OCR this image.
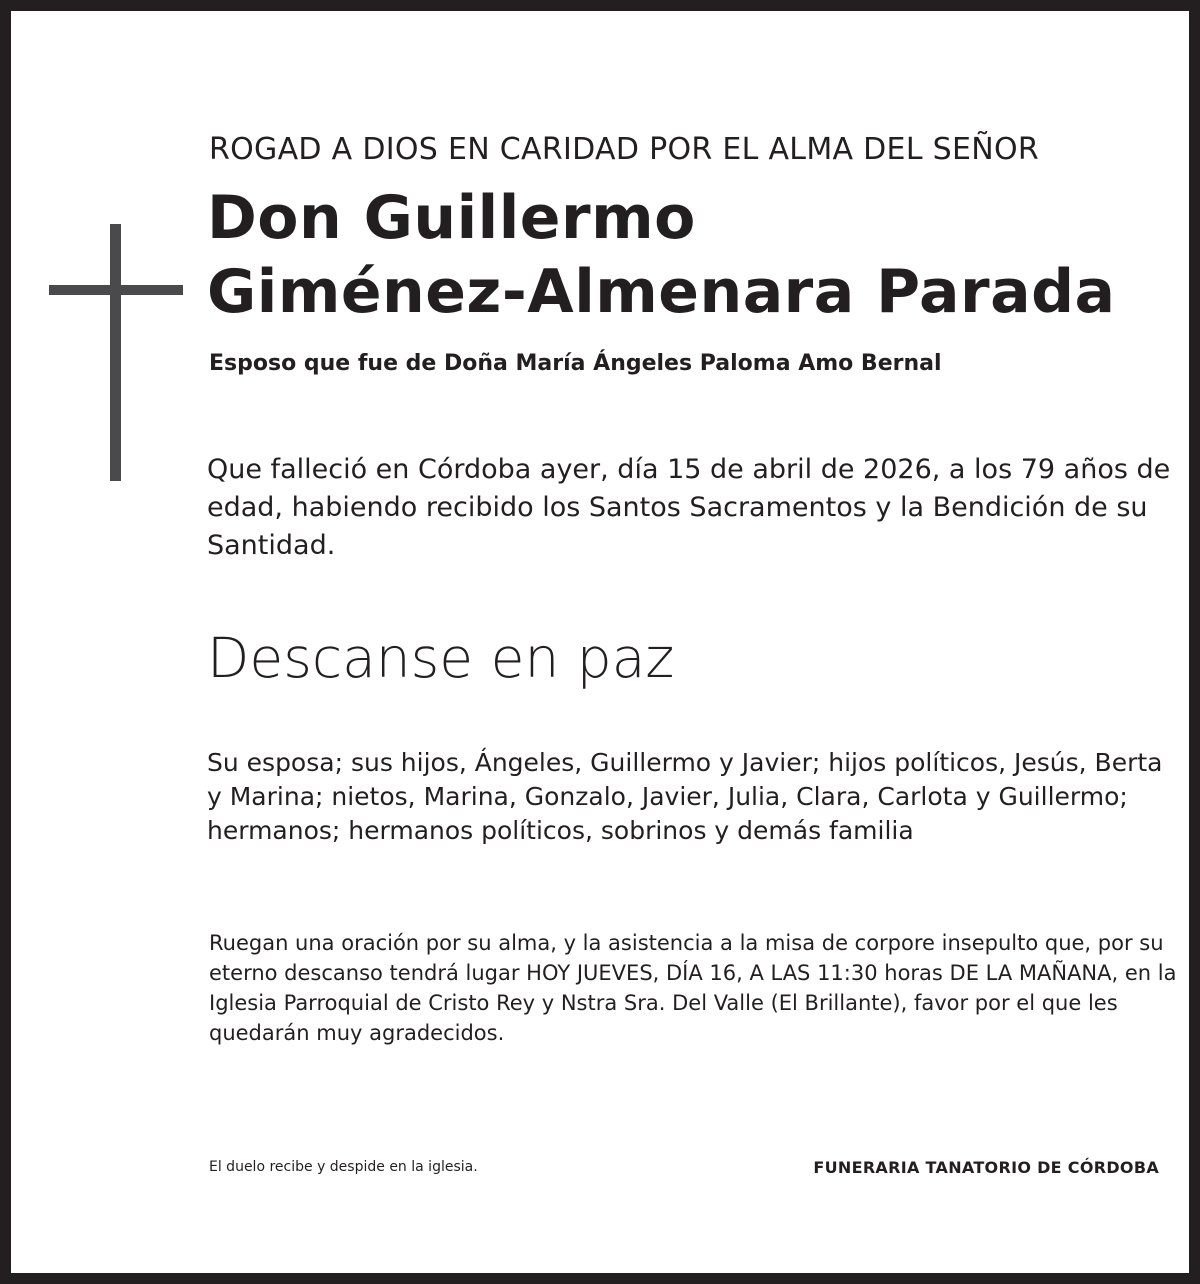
ROGAD A DIOS EN CARIDAD POR EL ALMA DEL SEÑOR
Don Guillermo
Giménez-Almenara Parada
Esposo que fue de Doña María Ángeles Paloma Amo Bernal
Que falleció en Córdoba ayer, día 15 de abril de 2026, a los 79 años de edad, habiendo recibido los Santos Sacramentos y la Bendición de su Santidad.
Descanse en paz
Su esposa; sus hijos, Ángeles, Guillermo y Javier; hijos políticos, Jesús, Berta y Marina; nietos, Marina, Gonzalo, Javier, Julia, Clara, Carlota y Guillermo; hermanos; hermanos políticos, sobrinos y demás familia
Ruegan una oración por su alma, y la asistencia a la misa de corpore insepulto que, por su eterno descanso tendrá lugar HOY JUEVES, DÍA 16, A LAS 11:30 horas DE LA MAÑANA, en la Iglesia Parroquial de Cristo Rey y Nstra Sra. Del Valle (El Brillante), favor por el que les quedarán muy agradecidos.
El duelo recibe y despide en la iglesia.	FUNERARIA TANATORIO DE CÓRDOBA
